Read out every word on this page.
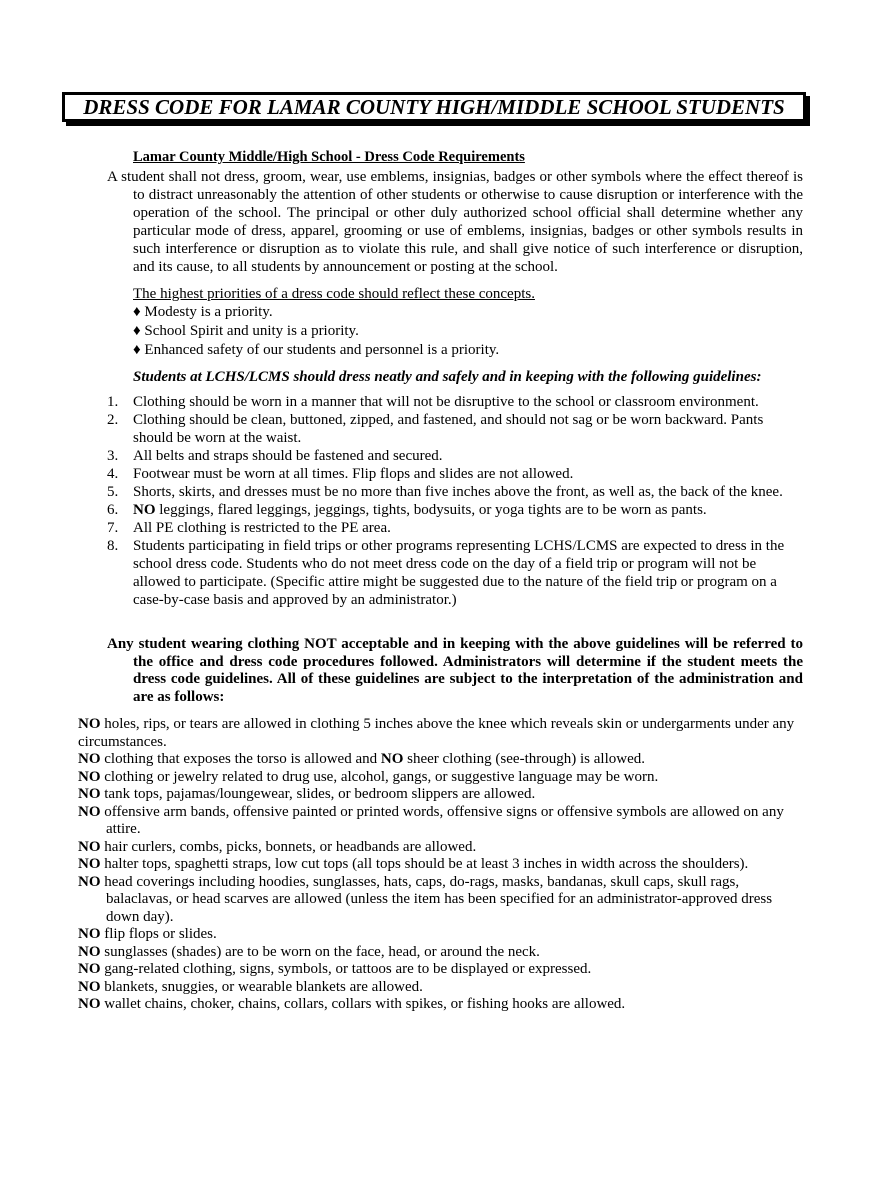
DRESS CODE FOR LAMAR COUNTY HIGH/MIDDLE SCHOOL STUDENTS
Lamar County Middle/High School - Dress Code Requirements
A student shall not dress, groom, wear, use emblems, insignias, badges or other symbols where the effect thereof is to distract unreasonably the attention of other students or otherwise to cause disruption or interference with the operation of the school. The principal or other duly authorized school official shall determine whether any particular mode of dress, apparel, grooming or use of emblems, insignias, badges or other symbols results in such interference or disruption as to violate this rule, and shall give notice of such interference or disruption, and its cause, to all students by announcement or posting at the school.
The highest priorities of a dress code should reflect these concepts.
♦ Modesty is a priority.
♦ School Spirit and unity is a priority.
♦ Enhanced safety of our students and personnel is a priority.
Students at LCHS/LCMS should dress neatly and safely and in keeping with the following guidelines:
1. Clothing should be worn in a manner that will not be disruptive to the school or classroom environment.
2. Clothing should be clean, buttoned, zipped, and fastened, and should not sag or be worn backward. Pants should be worn at the waist.
3. All belts and straps should be fastened and secured.
4. Footwear must be worn at all times. Flip flops and slides are not allowed.
5. Shorts, skirts, and dresses must be no more than five inches above the front, as well as, the back of the knee.
6. NO leggings, flared leggings, jeggings, tights, bodysuits, or yoga tights are to be worn as pants.
7. All PE clothing is restricted to the PE area.
8. Students participating in field trips or other programs representing LCHS/LCMS are expected to dress in the school dress code. Students who do not meet dress code on the day of a field trip or program will not be allowed to participate. (Specific attire might be suggested due to the nature of the field trip or program on a case-by-case basis and approved by an administrator.)
Any student wearing clothing NOT acceptable and in keeping with the above guidelines will be referred to the office and dress code procedures followed. Administrators will determine if the student meets the dress code guidelines. All of these guidelines are subject to the interpretation of the administration and are as follows:
NO holes, rips, or tears are allowed in clothing 5 inches above the knee which reveals skin or undergarments under any circumstances.
NO clothing that exposes the torso is allowed and NO sheer clothing (see-through) is allowed.
NO clothing or jewelry related to drug use, alcohol, gangs, or suggestive language may be worn.
NO tank tops, pajamas/loungewear, slides, or bedroom slippers are allowed.
NO offensive arm bands, offensive painted or printed words, offensive signs or offensive symbols are allowed on any attire.
NO hair curlers, combs, picks, bonnets, or headbands are allowed.
NO halter tops, spaghetti straps, low cut tops (all tops should be at least 3 inches in width across the shoulders).
NO head coverings including hoodies, sunglasses, hats, caps, do-rags, masks, bandanas, skull caps, skull rags, balaclavas, or head scarves are allowed (unless the item has been specified for an administrator-approved dress down day).
NO flip flops or slides.
NO sunglasses (shades) are to be worn on the face, head, or around the neck.
NO gang-related clothing, signs, symbols, or tattoos are to be displayed or expressed.
NO blankets, snuggies, or wearable blankets are allowed.
NO wallet chains, choker, chains, collars, collars with spikes, or fishing hooks are allowed.
